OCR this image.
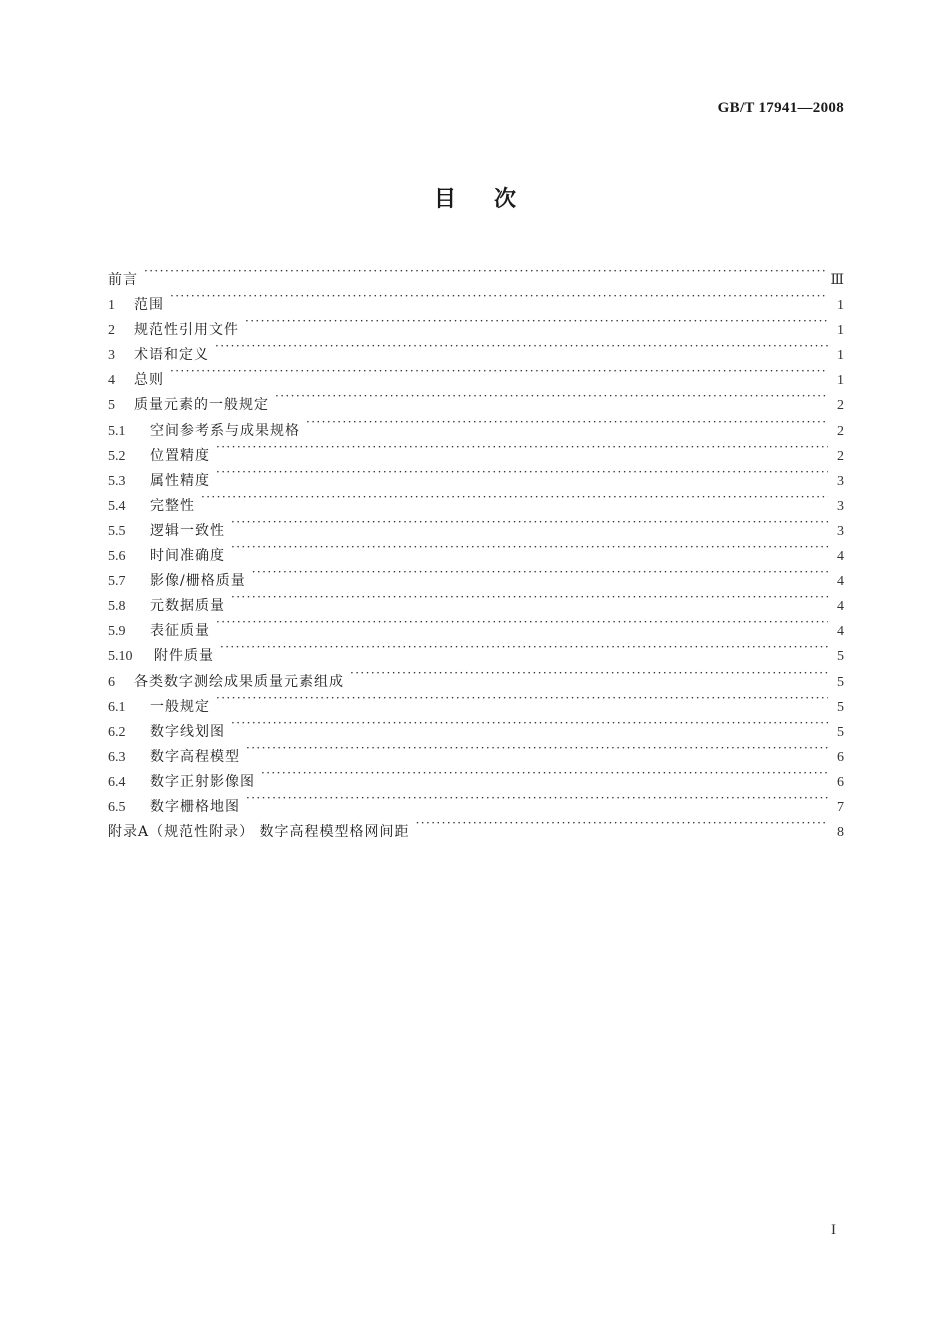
GB/T 17941—2008
目次
前言 ·····	Ⅲ
1	范围 ·····	1
2	规范性引用文件 ·····	1
3	术语和定义 ·····	1
4	总则 ·····	1
5	质量元素的一般规定 ·····	2
5.1	空间参考系与成果规格 ·····	2
5.2	位置精度 ·····	2
5.3	属性精度 ·····	3
5.4	完整性 ·····	3
5.5	逻辑一致性 ·····	3
5.6	时间准确度 ·····	4
5.7	影像/栅格质量 ·····	4
5.8	元数据质量 ·····	4
5.9	表征质量 ·····	4
5.10	附件质量 ·····	5
6	各类数字测绘成果质量元素组成 ·····	5
6.1	一般规定 ·····	5
6.2	数字线划图 ·····	5
6.3	数字高程模型 ·····	6
6.4	数字正射影像图 ·····	6
6.5	数字栅格地图 ·····	7
附录A（规范性附录） 数字高程模型格网间距 ·····	8
I
